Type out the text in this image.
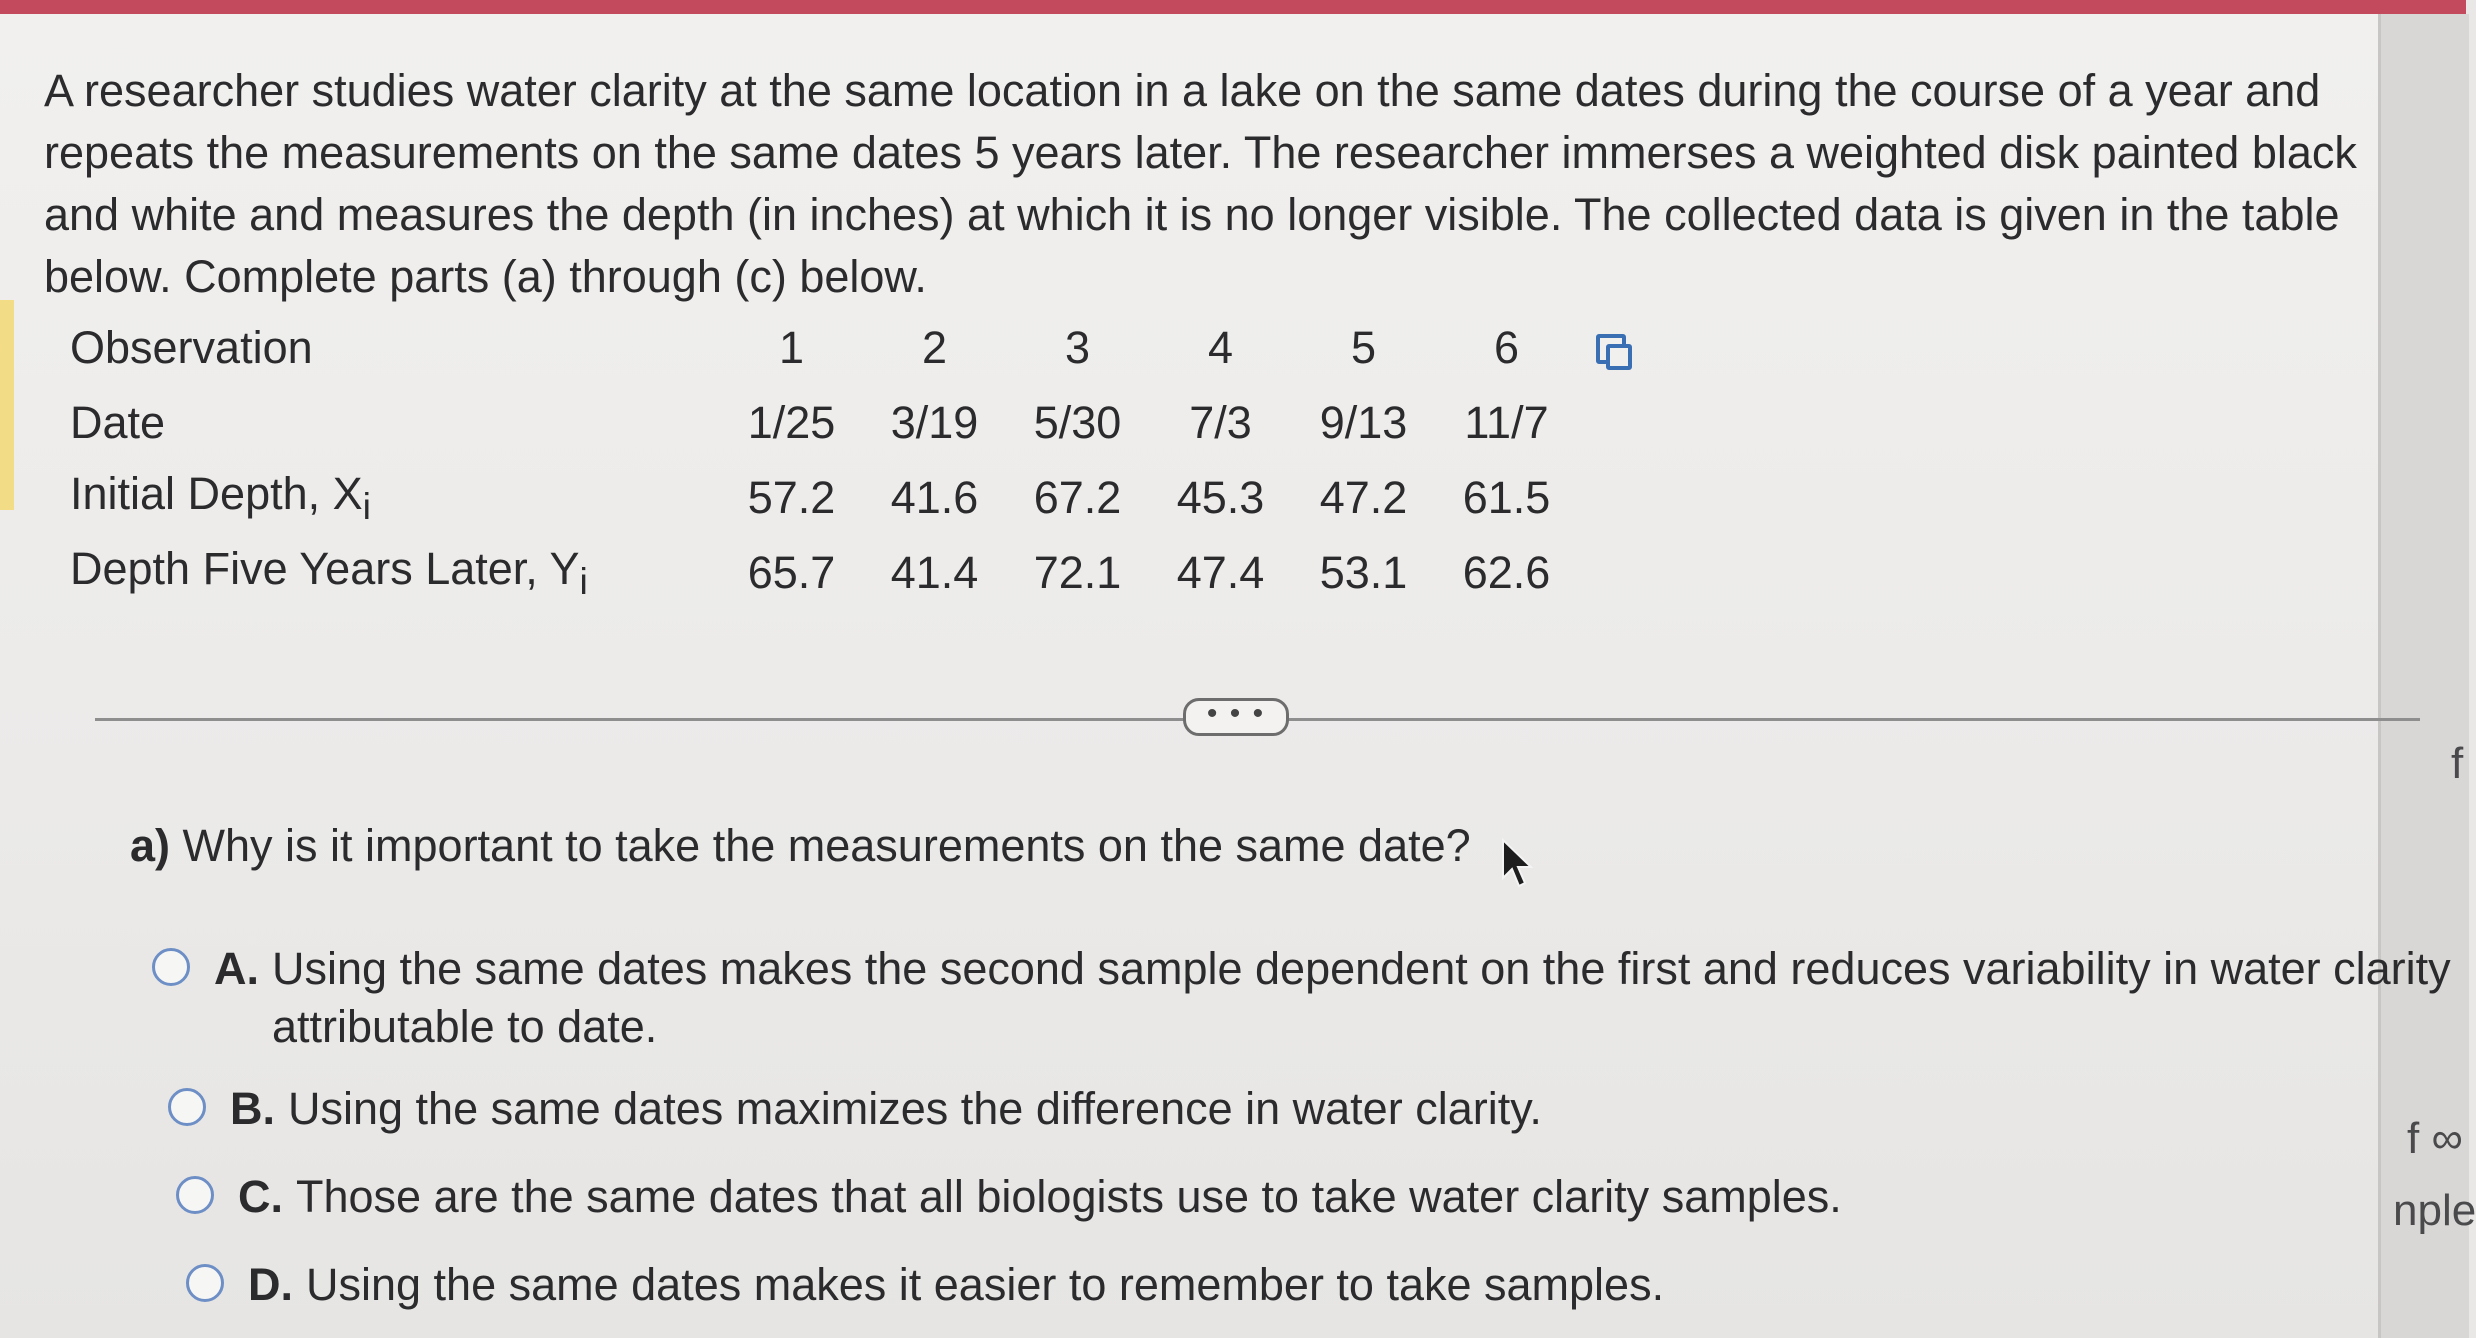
f
f ∞
nple

A researcher studies water clarity at the same location in a lake on the same dates during the course of a year and repeats the measurements on the same dates 5 years later. The researcher immerses a weighted disk painted black and white and measures the depth (in inches) at which it is no longer visible. The collected data is given in the table below. Complete parts (a) through (c) below.

Observation	1	2	3	4	5	6	

Date	1/25	3/19	5/30	7/3	9/13	11/7	
Initial Depth, $X_i$	57.2	41.6	67.2	45.3	47.2	61.5	
Depth Five Years Later, $Y_i$	65.7	41.4	72.1	47.4	53.1	62.6	
• • •
a) Why is it important to take the measurements on the same date?
A. Using the same dates makes the second sample dependent on the first and reduces variability in water clarity
attributable to date.
B. Using the same dates maximizes the difference in water clarity.
C. Those are the same dates that all biologists use to take water clarity samples.
D. Using the same dates makes it easier to remember to take samples.
